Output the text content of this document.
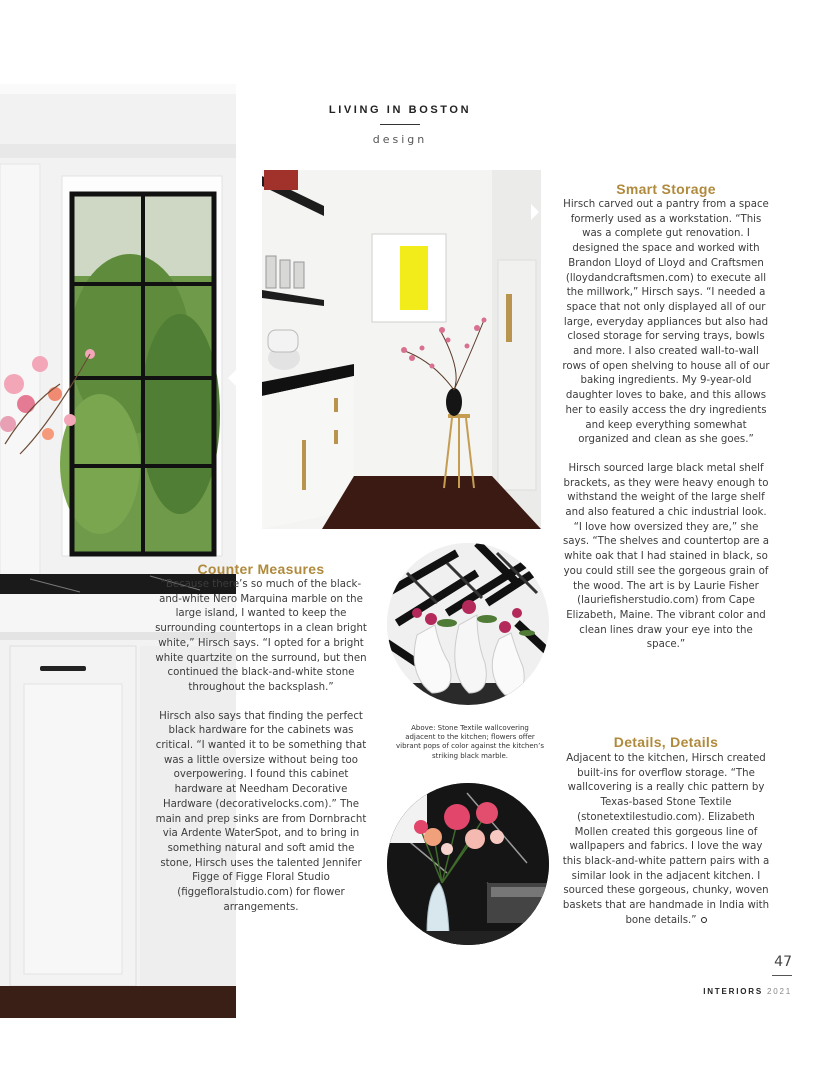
LIVING IN BOSTON
design
Above: Stone Textile wallcovering adjacent to the kitchen; flowers offer vibrant pops of color against the kitchen’s striking black marble.
Smart Storage

Hirsch carved out a pantry from a space formerly used as a workstation. “This was a complete gut renovation. I designed the space and worked with Brandon Lloyd of Lloyd and Craftsmen (lloydandcraftsmen.com) to execute all the millwork,” Hirsch says. “I needed a space that not only displayed all of our large, everyday appliances but also had closed storage for serving trays, bowls and more. I also created wall-to-wall rows of open shelving to house all of our baking ingredients. My 9-year-old daughter loves to bake, and this allows her to easily access the dry ingredients and keep everything somewhat organized and clean as she goes.”

Hirsch sourced large black metal shelf brackets, as they were heavy enough to withstand the weight of the large shelf and also featured a chic industrial look. “I love how oversized they are,” she says. “The shelves and countertop are a white oak that I had stained in black, so you could still see the gorgeous grain of the wood. The art is by Laurie Fisher (lauriefisherstudio.com) from Cape Elizabeth, Maine. The vibrant color and clean lines draw your eye into the space.”

Counter Measures

“Because there’s so much of the black-and-white Nero Marquina marble on the large island, I wanted to keep the surrounding countertops in a clean bright white,” Hirsch says. “I opted for a bright white quartzite on the surround, but then continued the black-and-white stone throughout the backsplash.”

Hirsch also says that finding the perfect black hardware for the cabinets was critical. “I wanted it to be something that was a little oversize without being too overpowering. I found this cabinet hardware at Needham Decorative Hardware (decorativelocks.com).” The main and prep sinks are from Dornbracht via Ardente WaterSpot, and to bring in something natural and soft amid the stone, Hirsch uses the talented Jennifer Figge of Figge Floral Studio (figgefloralstudio.com) for flower arrangements.

Details, Details

Adjacent to the kitchen, Hirsch created built-ins for overflow storage. “The wallcovering is a really chic pattern by Texas-based Stone Textile (stonetextilestudio.com). Elizabeth Mollen created this gorgeous line of wallpapers and fabrics. I love the way this black-and-white pattern pairs with a similar look in the adjacent kitchen. I sourced these gorgeous, chunky, woven baskets that are handmade in India with bone details.”

47
INTERIORS 2021
